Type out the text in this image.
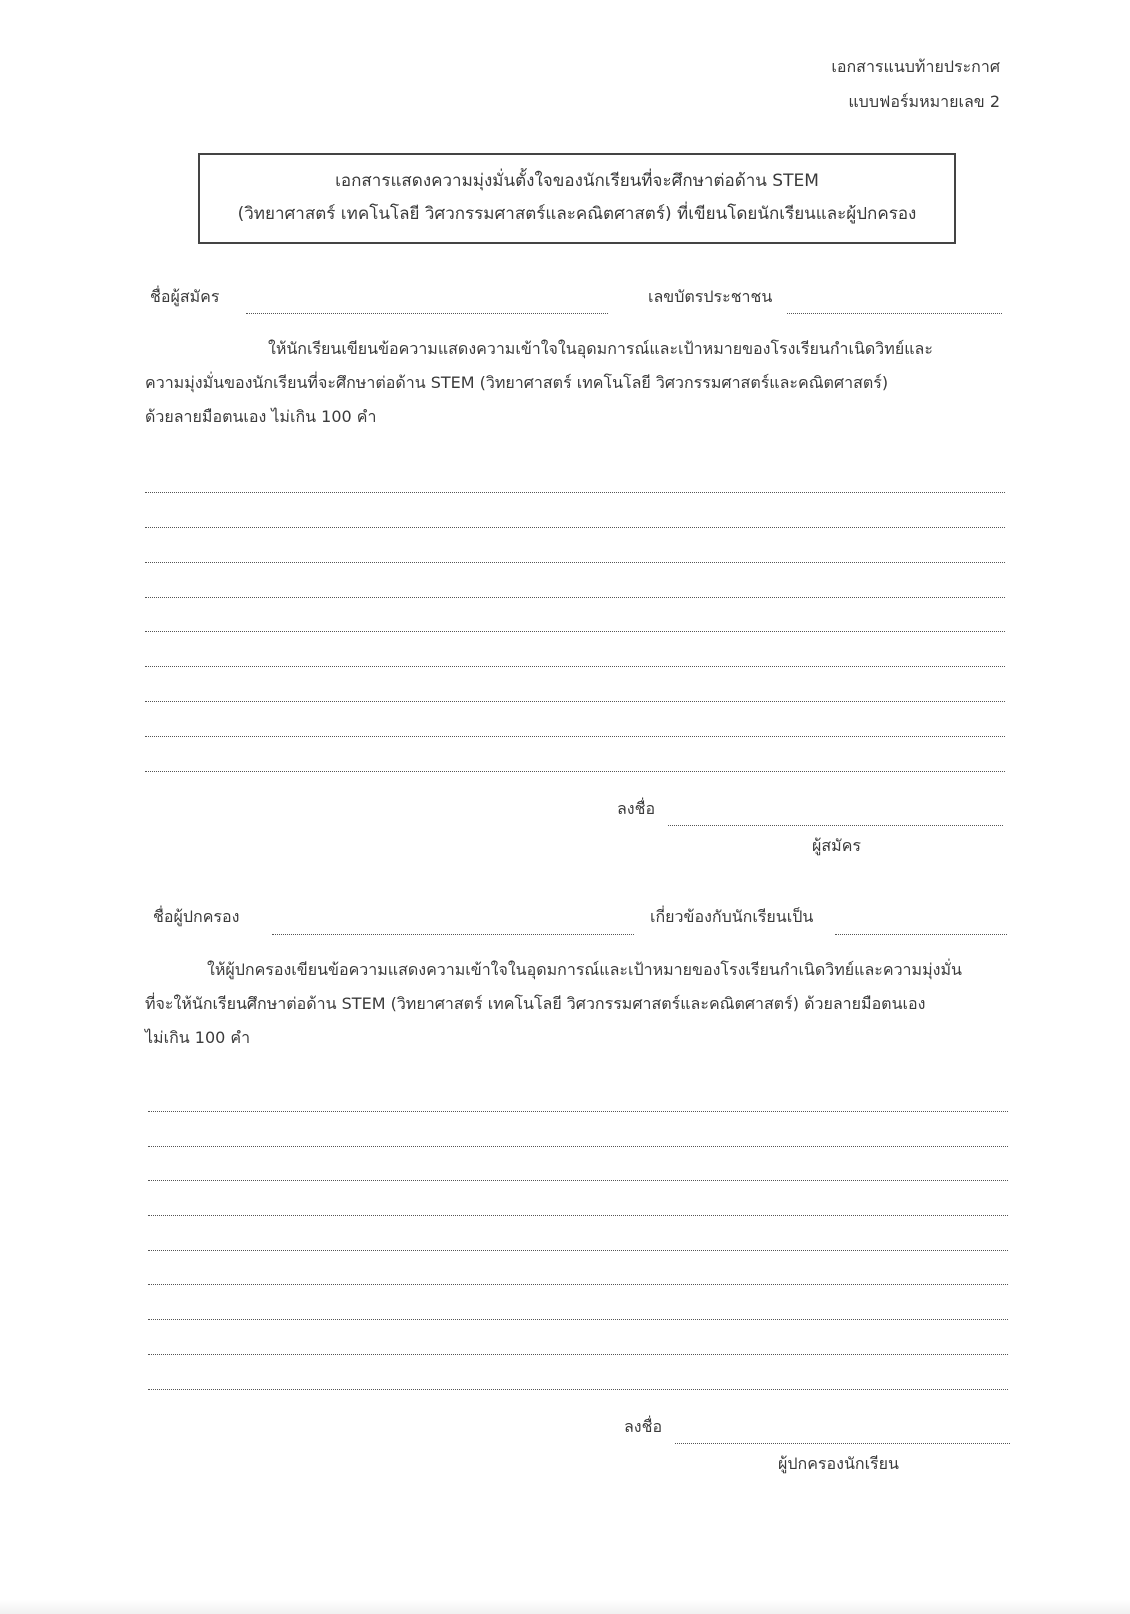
เอกสารแนบท้ายประกาศ
แบบฟอร์มหมายเลข 2
เอกสารแสดงความมุ่งมั่นตั้งใจของนักเรียนที่จะศึกษาต่อด้าน STEM
(วิทยาศาสตร์ เทคโนโลยี วิศวกรรมศาสตร์และคณิตศาสตร์) ที่เขียนโดยนักเรียนและผู้ปกครอง
ชื่อผู้สมัคร	เลขบัตรประชาชน
ให้นักเรียนเขียนข้อความแสดงความเข้าใจในอุดมการณ์และเป้าหมายของโรงเรียนกำเนิดวิทย์และ
ความมุ่งมั่นของนักเรียนที่จะศึกษาต่อด้าน STEM (วิทยาศาสตร์ เทคโนโลยี วิศวกรรมศาสตร์และคณิตศาสตร์)
ด้วยลายมือตนเอง ไม่เกิน 100 คำ
ลงชื่อ
ผู้สมัคร
ชื่อผู้ปกครอง	เกี่ยวข้องกับนักเรียนเป็น
ให้ผู้ปกครองเขียนข้อความแสดงความเข้าใจในอุดมการณ์และเป้าหมายของโรงเรียนกำเนิดวิทย์และความมุ่งมั่น
ที่จะให้นักเรียนศึกษาต่อด้าน STEM (วิทยาศาสตร์ เทคโนโลยี วิศวกรรมศาสตร์และคณิตศาสตร์) ด้วยลายมือตนเอง
ไม่เกิน 100 คำ
ลงชื่อ
ผู้ปกครองนักเรียน
